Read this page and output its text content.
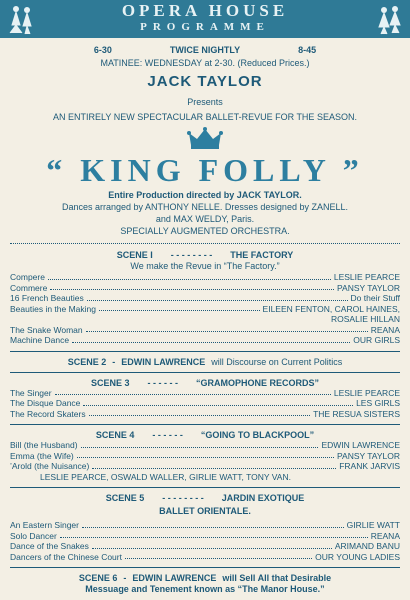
OPERA HOUSE
PROGRAMME
6-30	TWICE NIGHTLY	8-45
MATINEE: WEDNESDAY at 2-30. (Reduced Prices.)
JACK TAYLOR
Presents
AN ENTIRELY NEW SPECTACULAR BALLET-REVUE FOR THE SEASON.
“ KING FOLLY ”
Entire Production directed by JACK TAYLOR.
Dances arranged by ANTHONY NELLE. Dresses designed by ZANELL.
and MAX WELDY, Paris.
SPECIALLY AUGMENTED ORCHESTRA.
SCENE I - - - - - - - - THE FACTORY
We make the Revue in “The Factory.”
Compere	LESLIE PEARCE
Commere	PANSY TAYLOR
16 French Beauties	Do their Stuff
Beauties in the Making	EILEEN FENTON, CAROL HAINES,
ROSALIE HILLAN
The Snake Woman	REANA
Machine Dance	OUR GIRLS
SCENE 2 - EDWIN LAWRENCE will Discourse on Current Politics
SCENE 3 - - - - - - “GRAMOPHONE RECORDS”
The Singer	LESLIE PEARCE
The Disque Dance	LES GIRLS
The Record Skaters	THE RESUA SISTERS
SCENE 4 - - - - - - “GOING TO BLACKPOOL”
Bill (the Husband)	EDWIN LAWRENCE
Emma (the Wife)	PANSY TAYLOR
’Arold (the Nuisance)	FRANK JARVIS
LESLIE PEARCE, OSWALD WALLER, GIRLIE WATT, TONY VAN.
SCENE 5 - - - - - - - - JARDIN EXOTIQUE
BALLET ORIENTALE.
An Eastern Singer	GIRLIE WATT
Solo Dancer	REANA
Dance of the Snakes	ARIMAND BANU
Dancers of the Chinese Court	OUR YOUNG LADIES
SCENE 6 - EDWIN LAWRENCE will Sell All that Desirable
Messuage and Tenement known as “The Manor House.”
